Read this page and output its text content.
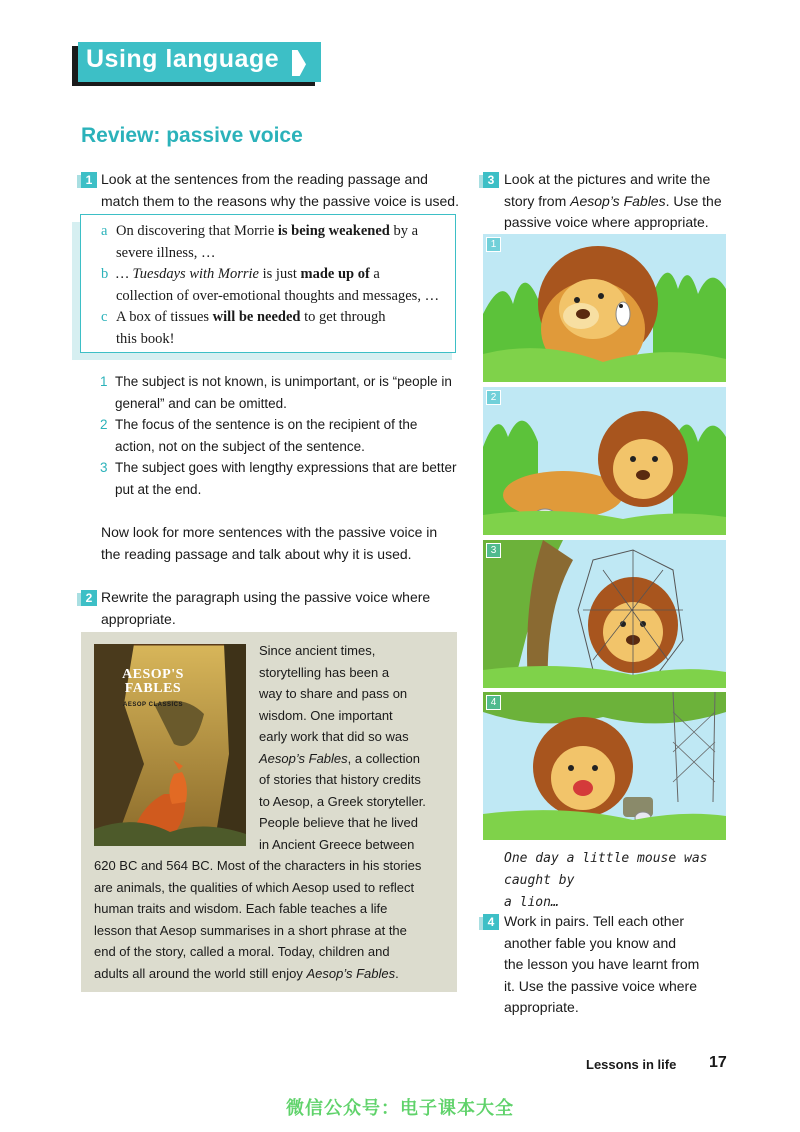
Using language
Review: passive voice
1 Look at the sentences from the reading passage and
match them to the reasons why the passive voice is used.
a On discovering that Morrie is being weakened by a
severe illness, …
b … Tuesdays with Morrie is just made up of a
collection of over-emotional thoughts and messages, …
c A box of tissues will be needed to get through
this book!
1 The subject is not known, is unimportant, or is “people in
general” and can be omitted.
2 The focus of the sentence is on the recipient of the
action, not on the subject of the sentence.
3 The subject goes with lengthy expressions that are better
put at the end.
Now look for more sentences with the passive voice in
the reading passage and talk about why it is used.
2 Rewrite the paragraph using the passive voice where
appropriate.
AESOP'S
FABLES
AESOP CLASSICS
Since ancient times,
storytelling has been a
way to share and pass on
wisdom. One important
early work that did so was
Aesop’s Fables, a collection
of stories that history credits
to Aesop, a Greek storyteller.
People believe that he lived
in Ancient Greece between
620 BC and 564 BC. Most of the characters in his stories
are animals, the qualities of which Aesop used to reflect
human traits and wisdom. Each fable teaches a life
lesson that Aesop summarises in a short phrase at the
end of the story, called a moral. Today, children and
adults all around the world still enjoy Aesop’s Fables.
3 Look at the pictures and write the
story from Aesop’s Fables. Use the
passive voice where appropriate.
1
2
3
4
One day a little mouse was caught by
a lion…
4 Work in pairs. Tell each other
another fable you know and
the lesson you have learnt from
it. Use the passive voice where
appropriate.
Lessons in life 17
微信公众号：电子课本大全
